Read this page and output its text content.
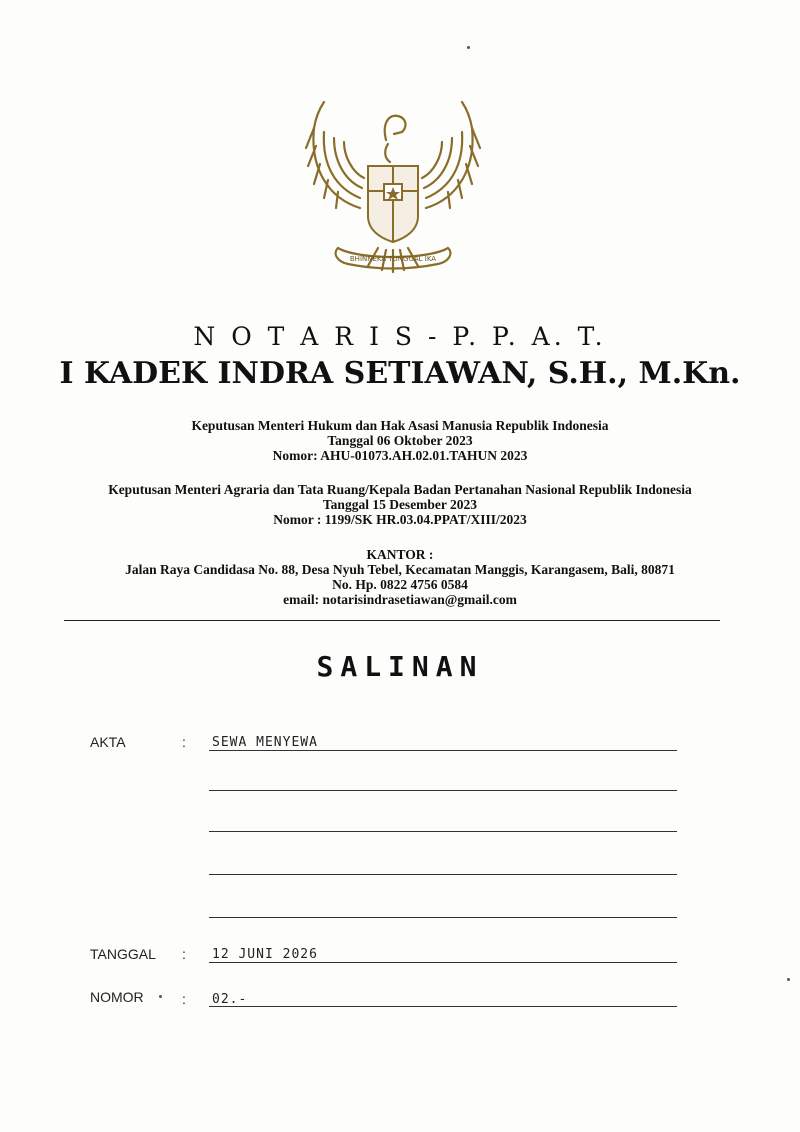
BHINNEKA TUNGGAL IKA
N O T A R I S - P. P. A. T.
I KADEK INDRA SETIAWAN, S.H., M.Kn.
Keputusan Menteri Hukum dan Hak Asasi Manusia Republik Indonesia
Tanggal 06 Oktober 2023
Nomor: AHU-01073.AH.02.01.TAHUN 2023
Keputusan Menteri Agraria dan Tata Ruang/Kepala Badan Pertanahan Nasional Republik Indonesia
Tanggal 15 Desember 2023
Nomor : 1199/SK HR.03.04.PPAT/XIII/2023
KANTOR :
Jalan Raya Candidasa No. 88, Desa Nyuh Tebel, Kecamatan Manggis, Karangasem, Bali, 80871
No. Hp. 0822 4756 0584
email: notarisindrasetiawan@gmail.com
SALINAN
AKTA	: SEWA MENYEWA
TANGGAL : 12 JUNI 2026
NOMOR	: 02.-
